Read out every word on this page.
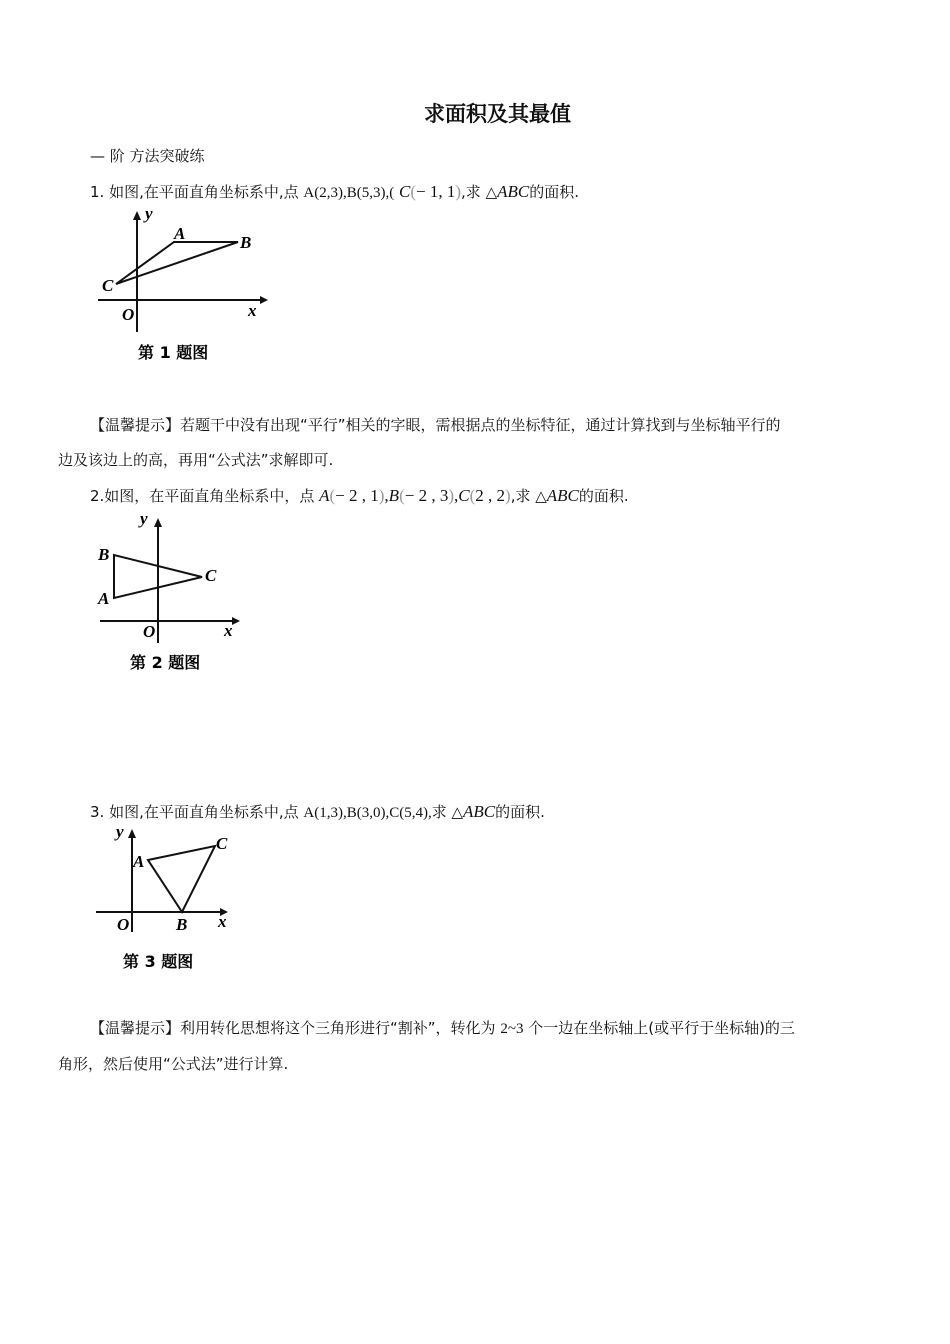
求面积及其最值
— 阶 方法突破练
1. 如图,在平面直角坐标系中,点 A(2,3),B(5,3),( C(− 1, 1),求 △ABC的面积.
y
x
O
A	B
C
第 1 题图
【温馨提示】若题干中没有出现“平行”相关的字眼，需根据点的坐标特征，通过计算找到与坐标轴平行的
边及该边上的高，再用“公式法”求解即可.
2.如图，在平面直角坐标系中，点 A(− 2 , 1),B(− 2 , 3),C(2 , 2),求 △ABC的面积.
y
x
O
A
B
C
第 2 题图
3. 如图,在平面直角坐标系中,点 A(1,3),B(3,0),C(5,4),求 △ABC的面积.
y
x
O
A
B
C
第 3 题图
【温馨提示】利用转化思想将这个三角形进行“割补”，转化为 2~3 个一边在坐标轴上(或平行于坐标轴)的三
角形，然后使用“公式法”进行计算.
